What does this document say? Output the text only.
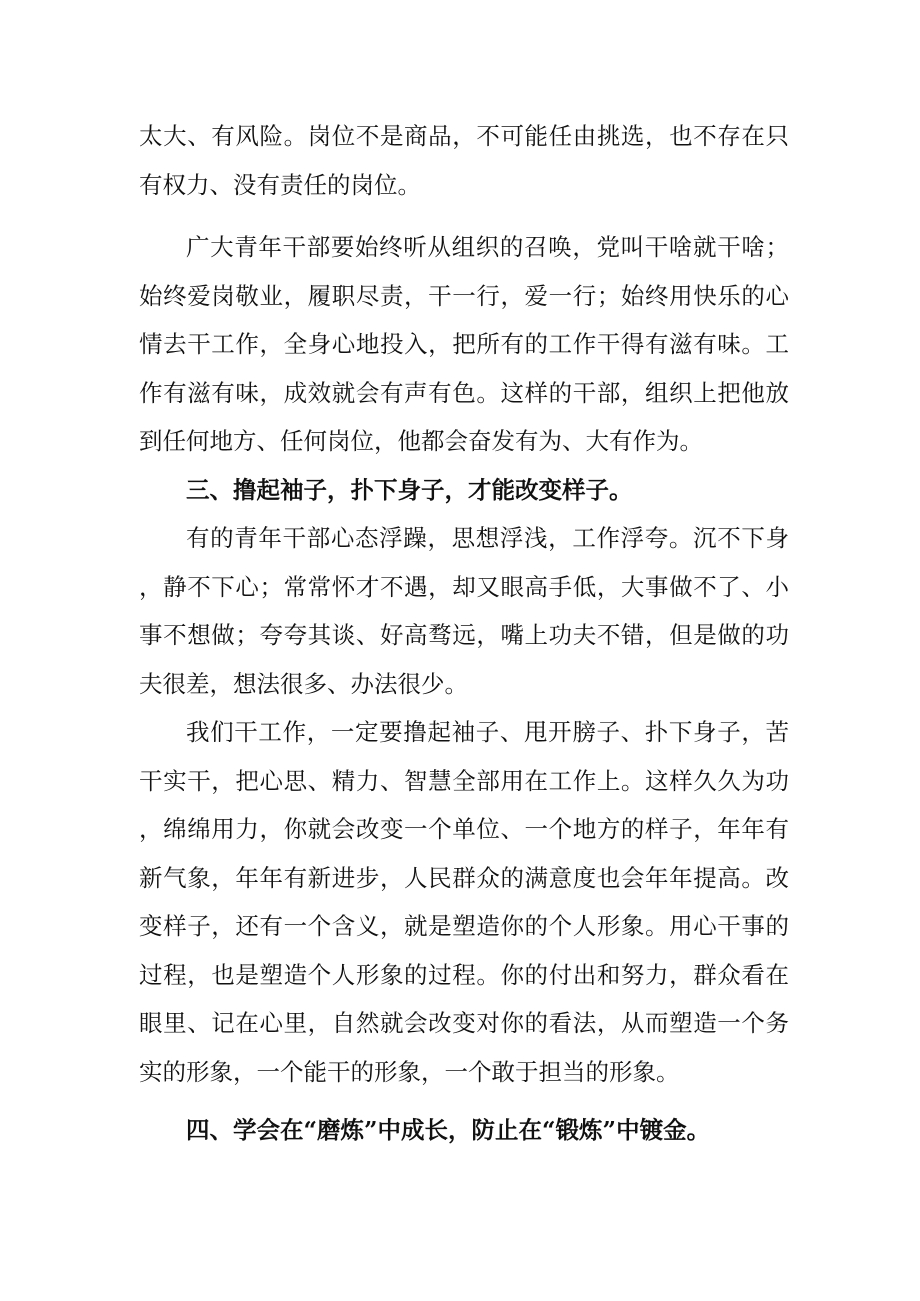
太大、有风险。岗位不是商品，不可能任由挑选，也不存在只有权力、没有责任的岗位。

广大青年干部要始终听从组织的召唤，党叫干啥就干啥；始终爱岗敬业，履职尽责，干一行，爱一行；始终用快乐的心情去干工作，全身心地投入，把所有的工作干得有滋有味。工作有滋有味，成效就会有声有色。这样的干部，组织上把他放到任何地方、任何岗位，他都会奋发有为、大有作为。

三、撸起袖子，扑下身子，才能改变样子。

有的青年干部心态浮躁，思想浮浅，工作浮夸。沉不下身，静不下心；常常怀才不遇，却又眼高手低，大事做不了、小事不想做；夸夸其谈、好高骛远，嘴上功夫不错，但是做的功夫很差，想法很多、办法很少。

我们干工作，一定要撸起袖子、甩开膀子、扑下身子，苦干实干，把心思、精力、智慧全部用在工作上。这样久久为功，绵绵用力，你就会改变一个单位、一个地方的样子，年年有新气象，年年有新进步，人民群众的满意度也会年年提高。改变样子，还有一个含义，就是塑造你的个人形象。用心干事的过程，也是塑造个人形象的过程。你的付出和努力，群众看在眼里、记在心里，自然就会改变对你的看法，从而塑造一个务实的形象，一个能干的形象，一个敢于担当的形象。

四、学会在“磨炼”中成长，防止在“锻炼”中镀金。
